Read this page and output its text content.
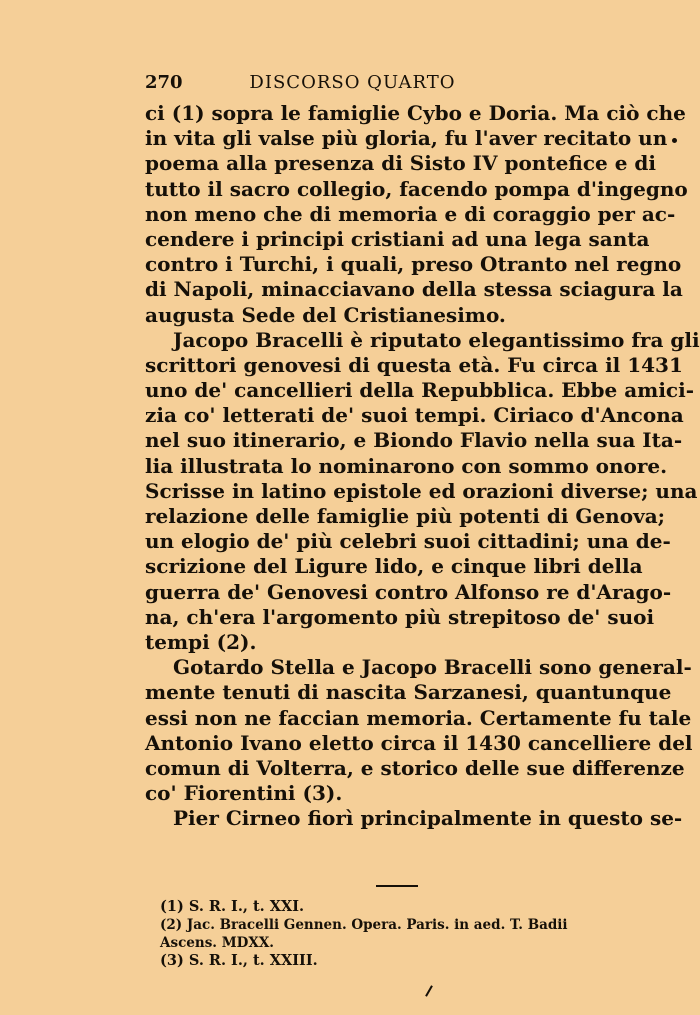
270	DISCORSO QUARTO
ci (1) sopra le famiglie Cybo e Doria. Ma ciò che
in vita gli valse più gloria, fu l'aver recitato un
poema alla presenza di Sisto IV pontefice e di
tutto il sacro collegio, facendo pompa d'ingegno
non meno che di memoria e di coraggio per ac-
cendere i principi cristiani ad una lega santa
contro i Turchi, i quali, preso Otranto nel regno
di Napoli, minacciavano della stessa sciagura la
augusta Sede del Cristianesimo.
Jacopo Bracelli è riputato elegantissimo fra gli
scrittori genovesi di questa età. Fu circa il 1431
uno de' cancellieri della Repubblica. Ebbe amici-
zia co' letterati de' suoi tempi. Ciriaco d'Ancona
nel suo itinerario, e Biondo Flavio nella sua Ita-
lia illustrata lo nominarono con sommo onore.
Scrisse in latino epistole ed orazioni diverse; una
relazione delle famiglie più potenti di Genova;
un elogio de' più celebri suoi cittadini; una de-
scrizione del Ligure lido, e cinque libri della
guerra de' Genovesi contro Alfonso re d'Arago-
na, ch'era l'argomento più strepitoso de' suoi
tempi (2).
Gotardo Stella e Jacopo Bracelli sono general-
mente tenuti di nascita Sarzanesi, quantunque
essi non ne faccian memoria. Certamente fu tale
Antonio Ivano eletto circa il 1430 cancelliere del
comun di Volterra, e storico delle sue differenze
co' Fiorentini (3).
Pier Cirneo fiorì principalmente in questo se-
(1) S. R. I., t. XXI.
(2) Jac. Bracelli Gennen. Opera. Paris. in aed. T. Badii
Ascens. MDXX.
(3) S. R. I., t. XXIII.
